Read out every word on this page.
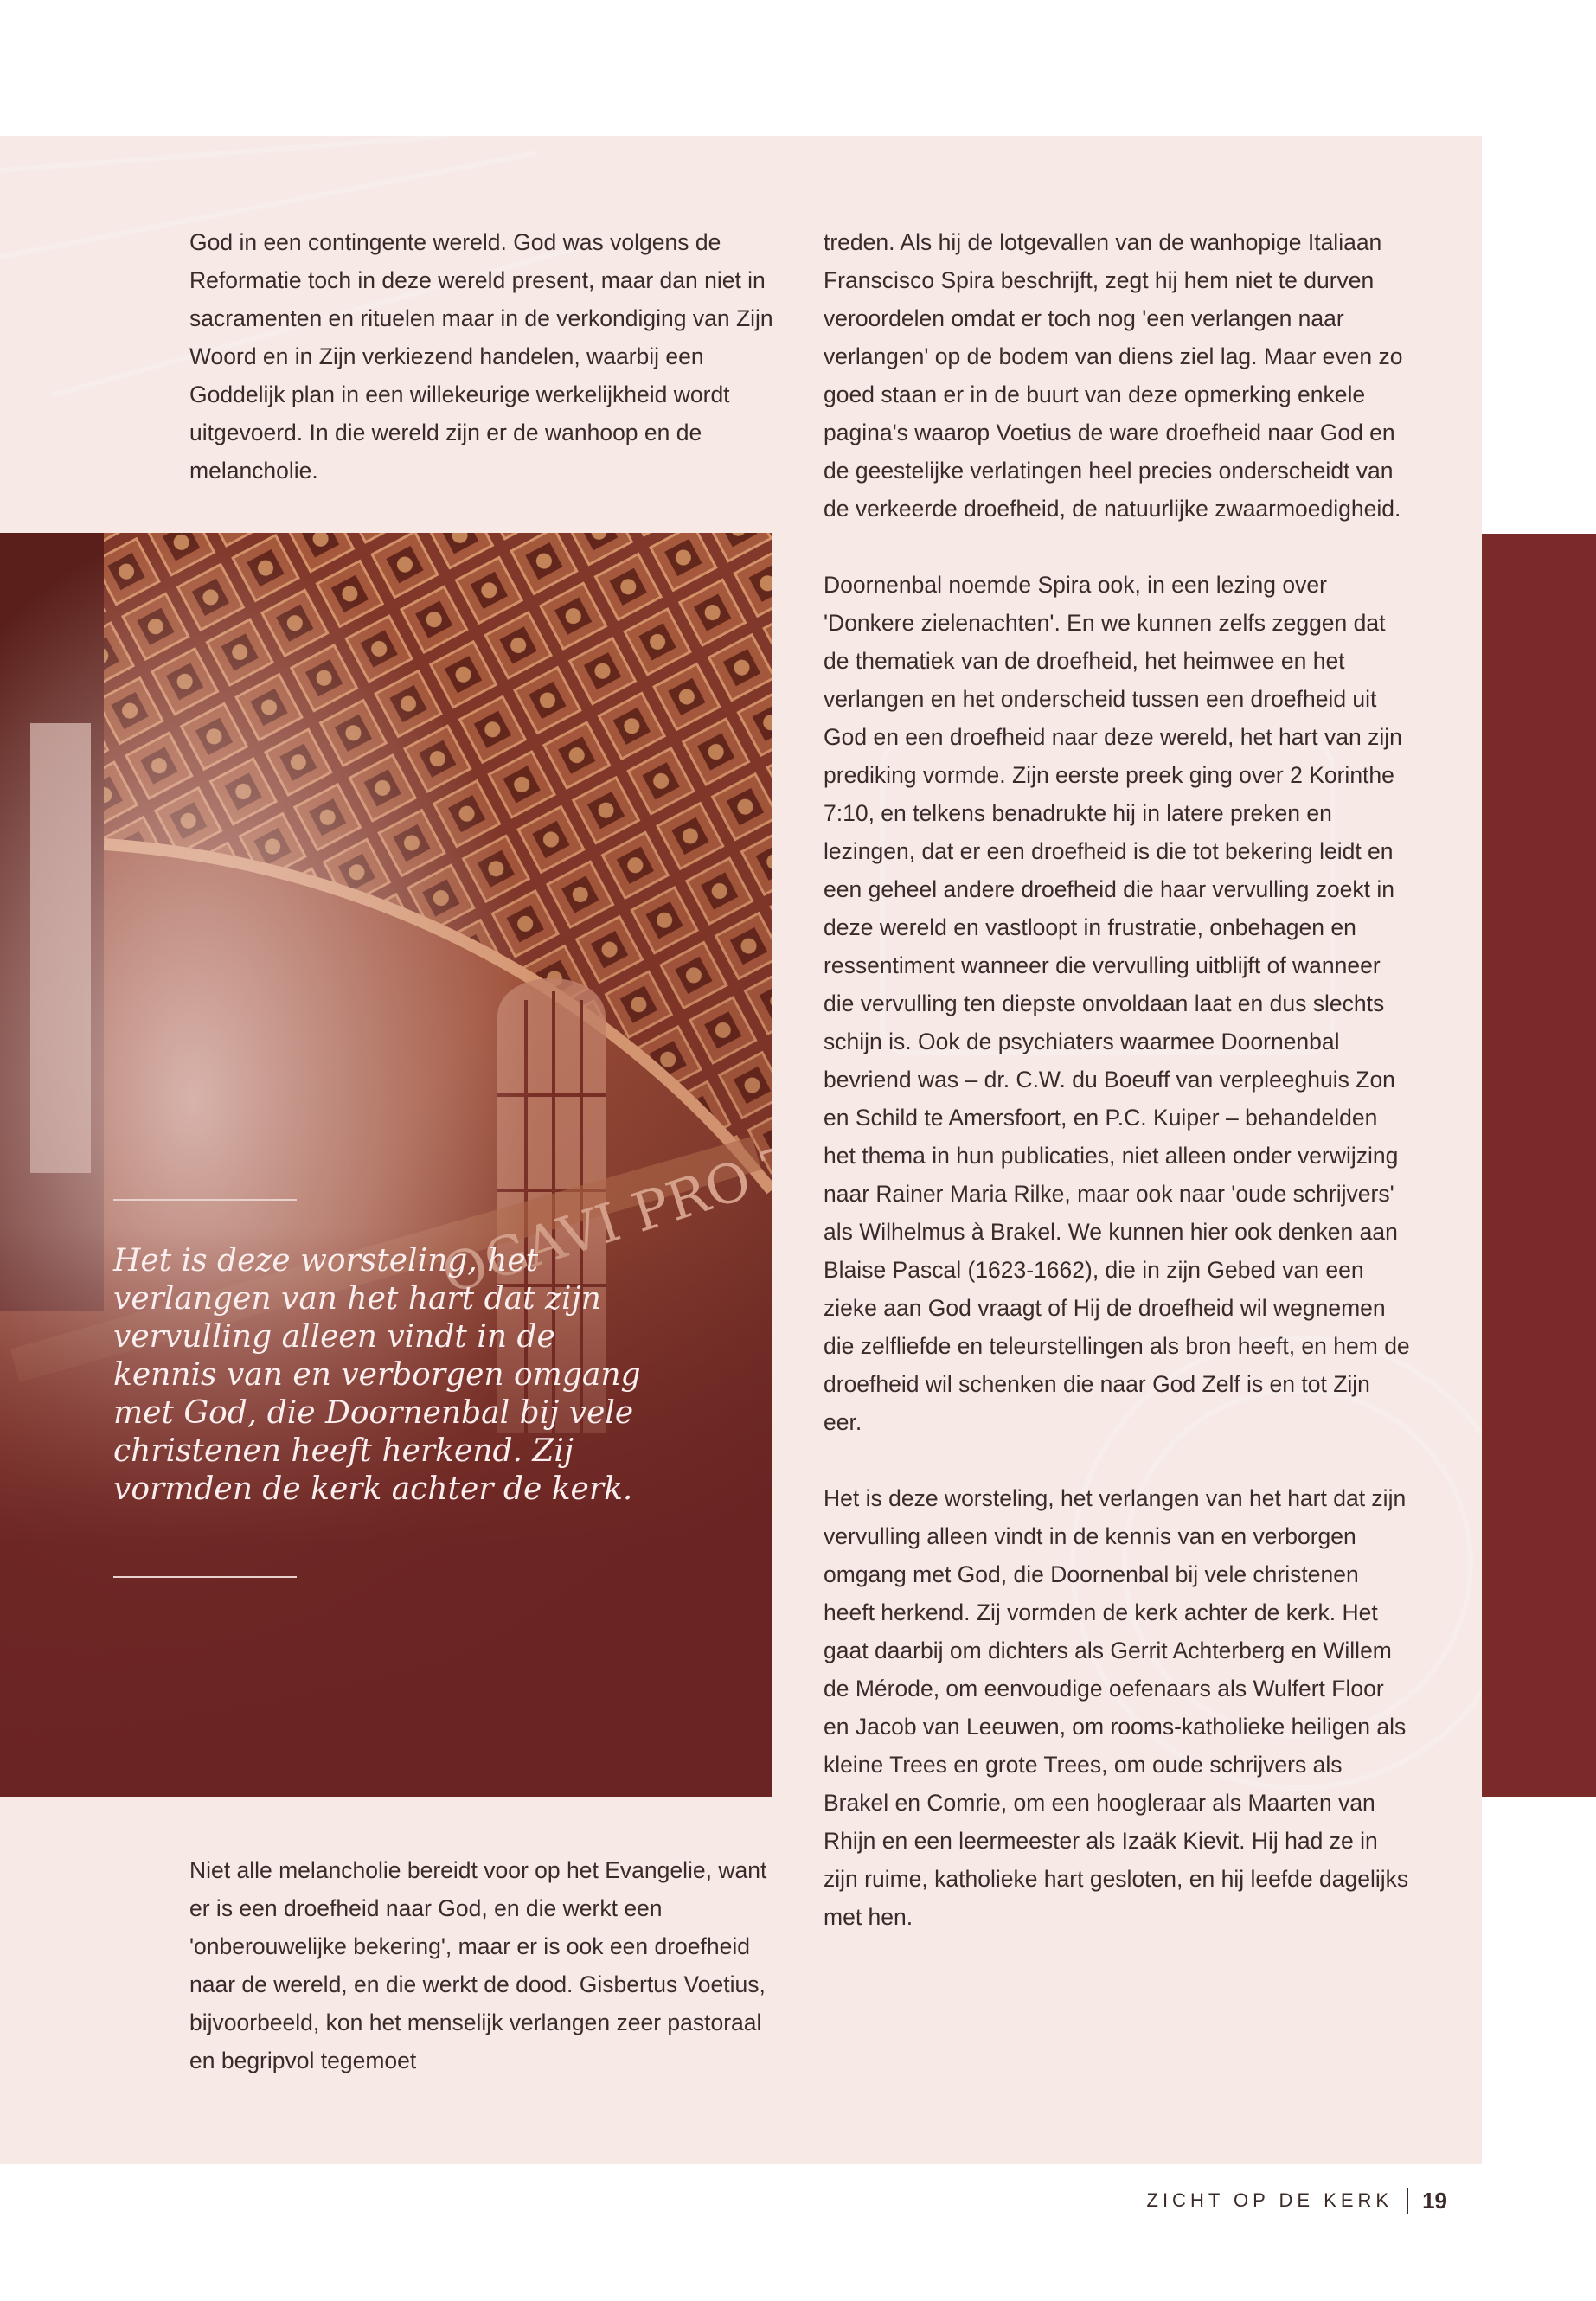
Het is deze worsteling, het verlangen van het hart dat zijn vervulling alleen vindt in de kennis van en verborgen omgang met God, die Doornenbal bij vele christenen heeft herkend. Zij vormden de kerk achter de kerk.

God in een contingente wereld. God was volgens de Reformatie toch in deze wereld present, maar dan niet in sacramenten en rituelen maar in de verkondiging van Zijn Woord en in Zijn verkiezend handelen, waarbij een Goddelijk plan in een willekeurige werkelijkheid wordt uitgevoerd. In die wereld zijn er de wanhoop en de melancholie.

Niet alle melancholie bereidt voor op het Evangelie, want er is een droefheid naar God, en die werkt een 'onberouwelijke bekering', maar er is ook een droefheid naar de wereld, en die werkt de dood. Gisbertus Voetius, bijvoorbeeld, kon het menselijk verlangen zeer pastoraal en begripvol tegemoet

treden. Als hij de lotgevallen van de wanhopige Italiaan Franscisco Spira beschrijft, zegt hij hem niet te durven veroordelen omdat er toch nog 'een verlangen naar verlangen' op de bodem van diens ziel lag. Maar even zo goed staan er in de buurt van deze opmerking enkele pagina's waarop Voetius de ware droefheid naar God en de geestelijke verlatingen heel precies onderscheidt van de verkeerde droefheid, de natuurlijke zwaarmoedigheid.

Doornenbal noemde Spira ook, in een lezing over 'Donkere zielenachten'. En we kunnen zelfs zeggen dat de thematiek van de droefheid, het heimwee en het verlangen en het onderscheid tussen een droefheid uit God en een droefheid naar deze wereld, het hart van zijn prediking vormde. Zijn eerste preek ging over 2 Korinthe 7:10, en telkens benadrukte hij in latere preken en lezingen, dat er een droefheid is die tot bekering leidt en een geheel andere droefheid die haar vervulling zoekt in deze wereld en vastloopt in frustratie, onbehagen en ressentiment wanneer die vervulling uitblijft of wanneer die vervulling ten diepste onvoldaan laat en dus slechts schijn is. Ook de psychiaters waarmee Doornenbal bevriend was – dr. C.W. du Boeuff van verpleeghuis Zon en Schild te Amersfoort, en P.C. Kuiper – behandelden het thema in hun publicaties, niet alleen onder verwijzing naar Rainer Maria Rilke, maar ook naar 'oude schrijvers' als Wilhelmus à Brakel. We kunnen hier ook denken aan Blaise Pascal (1623-1662), die in zijn Gebed van een zieke aan God vraagt of Hij de droefheid wil wegnemen die zelfliefde en teleurstellingen als bron heeft, en hem de droefheid wil schenken die naar God Zelf is en tot Zijn eer.

Het is deze worsteling, het verlangen van het hart dat zijn vervulling alleen vindt in de kennis van en verborgen omgang met God, die Doornenbal bij vele christenen heeft herkend. Zij vormden de kerk achter de kerk. Het gaat daarbij om dichters als Gerrit Achterberg en Willem de Mérode, om eenvoudige oefenaars als Wulfert Floor en Jacob van Leeuwen, om rooms-katholieke heiligen als kleine Trees en grote Trees, om oude schrijvers als Brakel en Comrie, om een hoogleraar als Maarten van Rhijn en een leermeester als Izaäk Kievit. Hij had ze in zijn ruime, katholieke hart gesloten, en hij leefde dagelijks met hen.

ZICHT OP DE KERK 19
